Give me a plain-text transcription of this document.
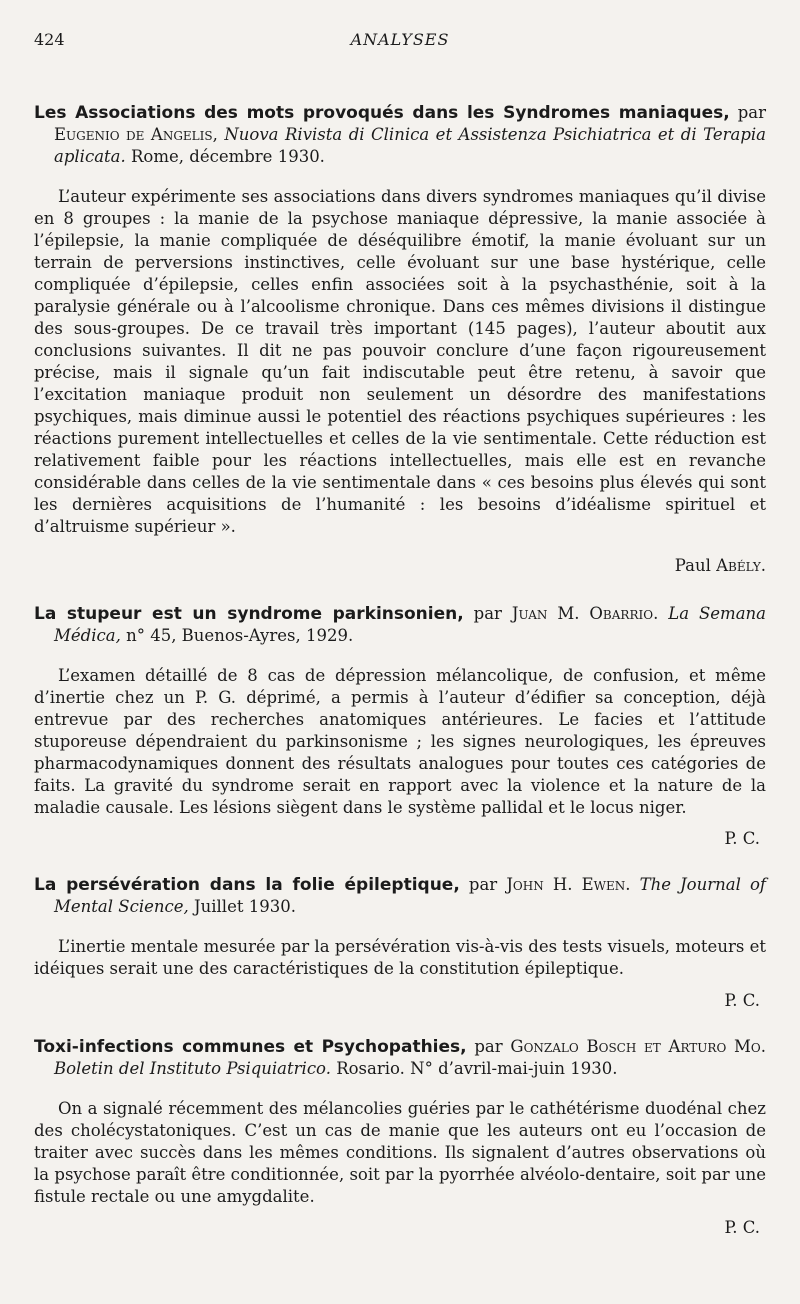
424	ANALYSES
Les Associations des mots provoqués dans les Syndromes maniaques, par Eugenio de Angelis, Nuova Rivista di Clinica et Assistenza Psichiatrica et di Terapia aplicata. Rome, décembre 1930.

L’auteur expérimente ses associations dans divers syndromes maniaques qu’il divise en 8 groupes : la manie de la psychose maniaque dépressive, la manie associée à l’épilepsie, la manie compliquée de déséquilibre émotif, la manie évoluant sur un terrain de perversions instinctives, celle évoluant sur une base hystérique, celle compliquée d’épilepsie, celles enfin associées soit à la psychasthénie, soit à la paralysie générale ou à l’alcoolisme chronique. Dans ces mêmes divisions il distingue des sous-groupes. De ce travail très important (145 pages), l’auteur aboutit aux conclusions suivantes. Il dit ne pas pouvoir conclure d’une façon rigoureusement précise, mais il signale qu’un fait indiscutable peut être retenu, à savoir que l’excitation maniaque produit non seulement un désordre des manifestations psychiques, mais diminue aussi le potentiel des réactions psychiques supérieures : les réactions purement intellectuelles et celles de la vie sentimentale. Cette réduction est relativement faible pour les réactions intellectuelles, mais elle est en revanche considérable dans celles de la vie sentimentale dans « ces besoins plus élevés qui sont les dernières acquisitions de l’humanité : les besoins d’idéalisme spirituel et d’altruisme supérieur ».

Paul Abély.
La stupeur est un syndrome parkinsonien, par Juan M. Obarrio. La Semana Médica, n° 45, Buenos-Ayres, 1929.

L’examen détaillé de 8 cas de dépression mélancolique, de confusion, et même d’inertie chez un P. G. déprimé, a permis à l’auteur d’édifier sa conception, déjà entrevue par des recherches anatomiques antérieures. Le facies et l’attitude stuporeuse dépendraient du parkinsonisme ; les signes neurologiques, les épreuves pharmacodynamiques donnent des résultats analogues pour toutes ces catégories de faits. La gravité du syndrome serait en rapport avec la violence et la nature de la maladie causale. Les lésions siègent dans le système pallidal et le locus niger.

P. C.
La persévération dans la folie épileptique, par John H. Ewen. The Journal of Mental Science, Juillet 1930.

L’inertie mentale mesurée par la persévération vis-à-vis des tests visuels, moteurs et idéiques serait une des caractéristiques de la constitution épileptique.

P. C.
Toxi-infections communes et Psychopathies, par Gonzalo Bosch et Arturo Mo. Boletin del Instituto Psiquiatrico. Rosario. N° d’avril-mai-juin 1930.

On a signalé récemment des mélancolies guéries par le cathétérisme duodénal chez des cholécystatoniques. C’est un cas de manie que les auteurs ont eu l’occasion de traiter avec succès dans les mêmes conditions. Ils signalent d’autres observations où la psychose paraît être conditionnée, soit par la pyorrhée alvéolo-dentaire, soit par une fistule rectale ou une amygdalite.

P. C.
